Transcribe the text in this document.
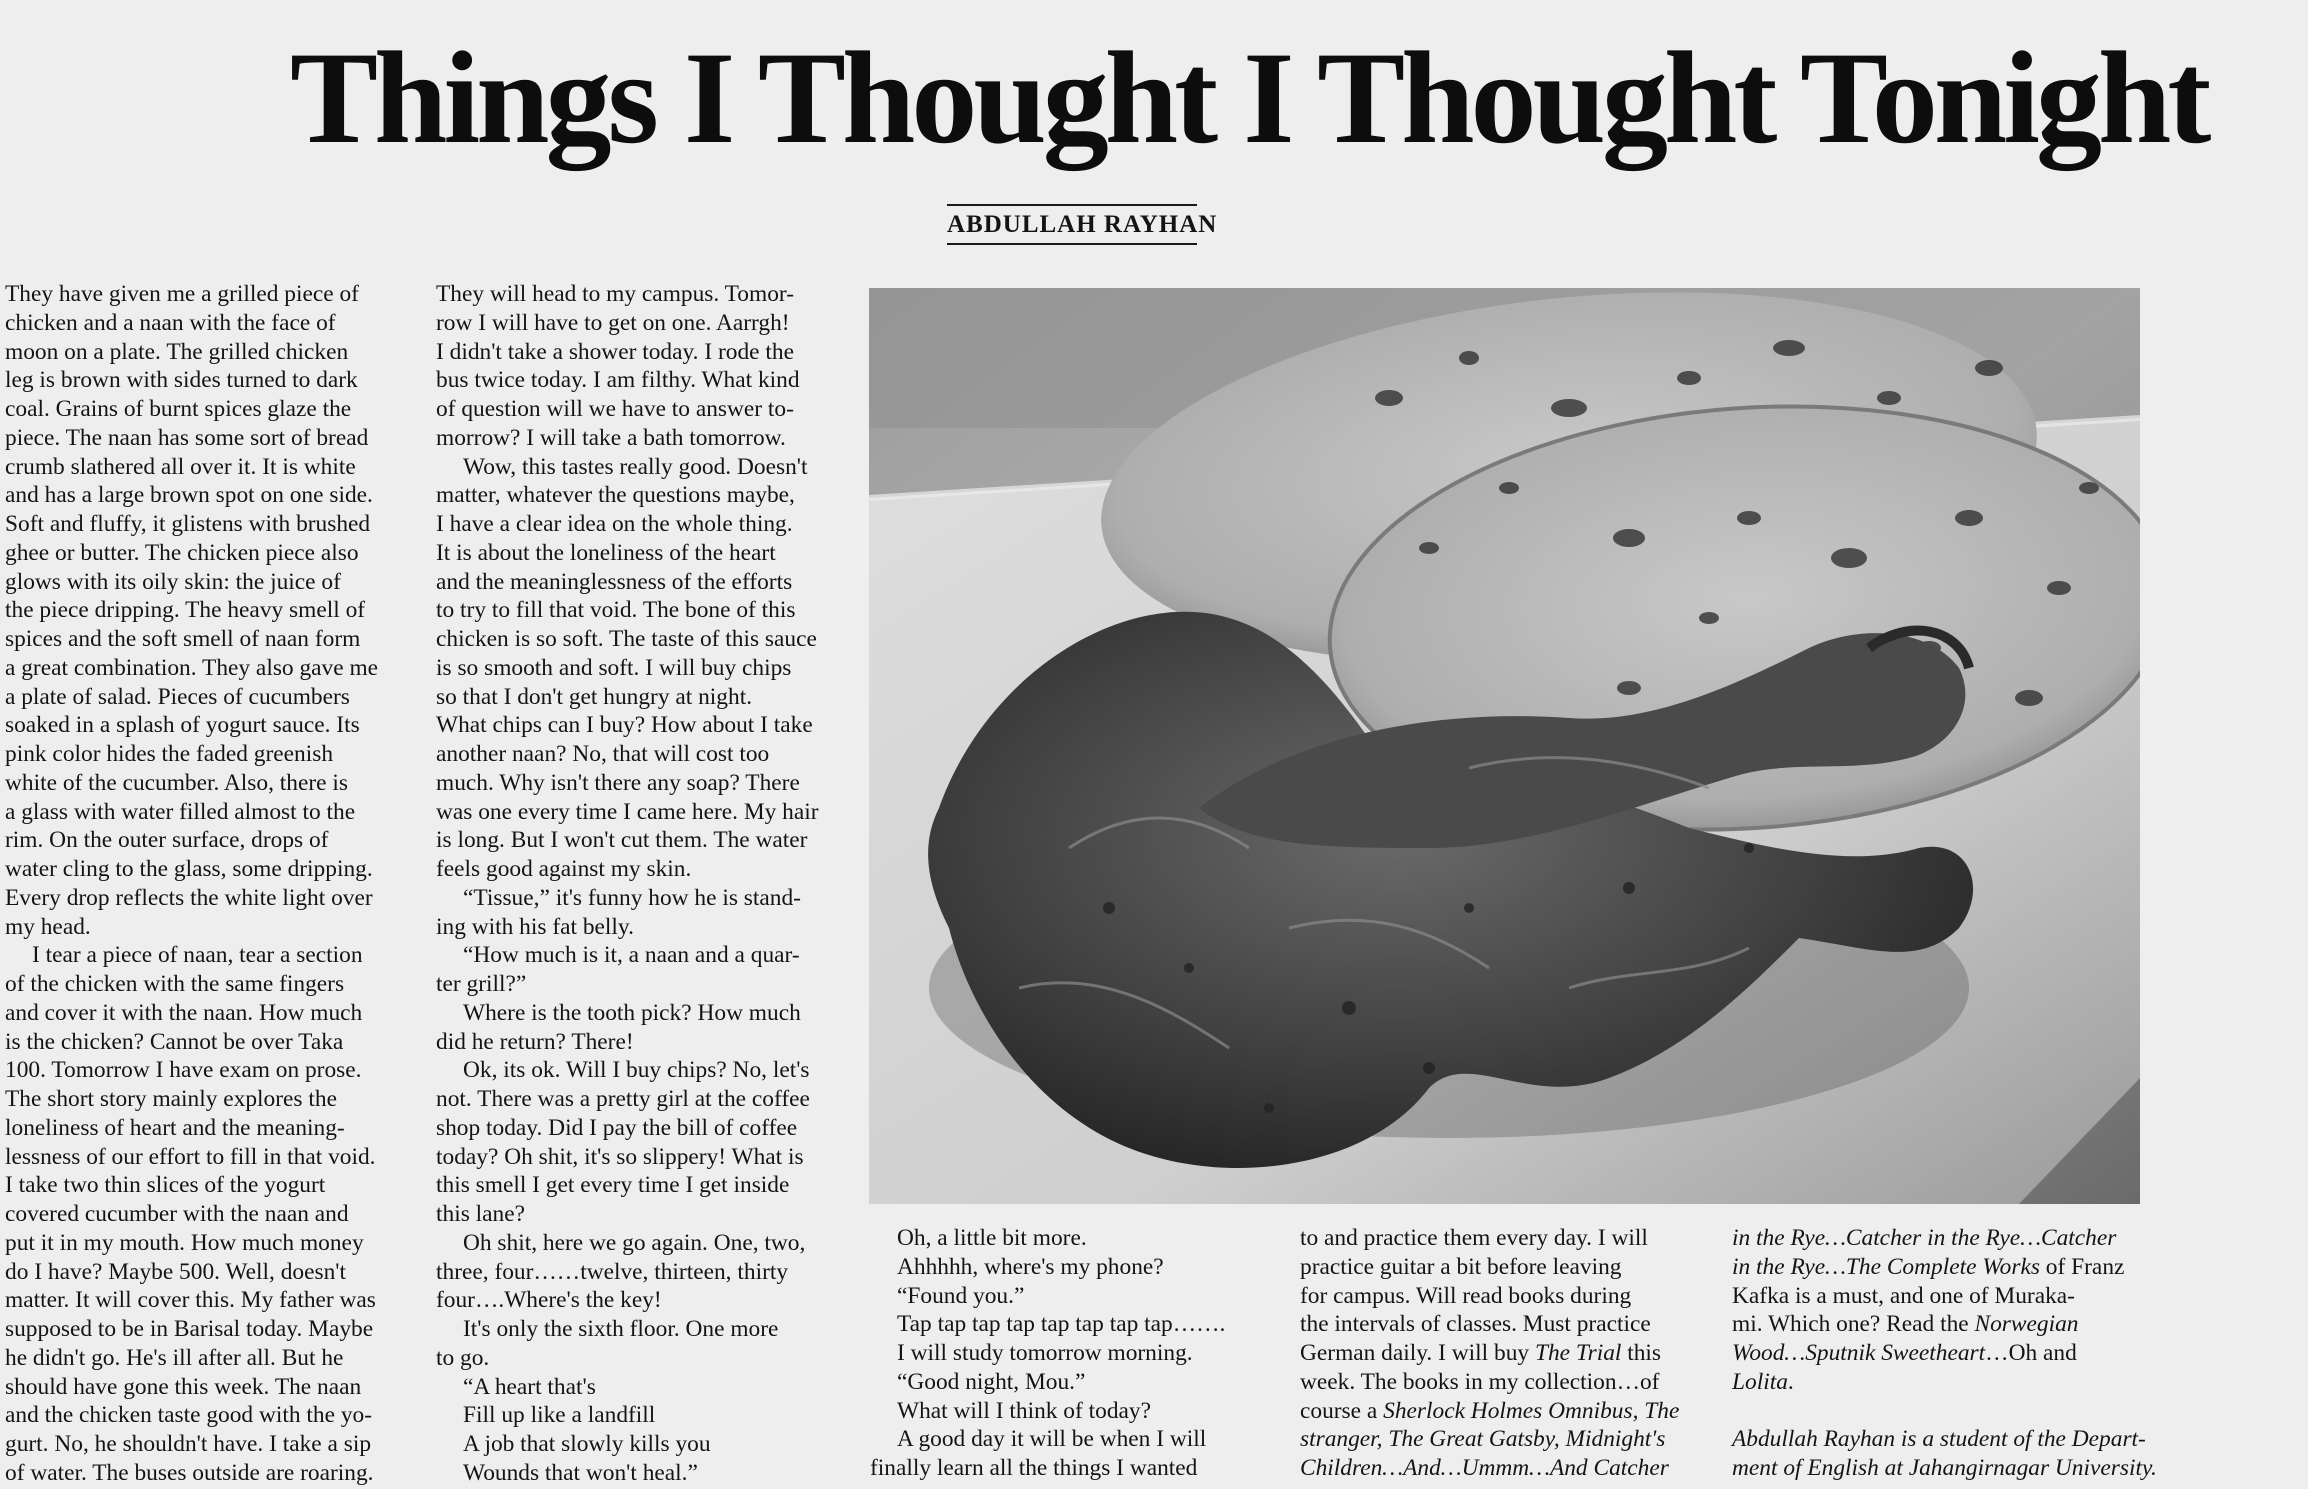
Things I Thought I Thought Tonight
ABDULLAH RAYHAN

They have given me a grilled piece of

chicken and a naan with the face of

moon on a plate. The grilled chicken

leg is brown with sides turned to dark

coal. Grains of burnt spices glaze the

piece. The naan has some sort of bread

crumb slathered all over it. It is white

and has a large brown spot on one side.

Soft and fluffy, it glistens with brushed

ghee or butter. The chicken piece also

glows with its oily skin: the juice of

the piece dripping. The heavy smell of

spices and the soft smell of naan form

a great combination. They also gave me

a plate of salad. Pieces of cucumbers

soaked in a splash of yogurt sauce. Its

pink color hides the faded greenish

white of the cucumber. Also, there is

a glass with water filled almost to the

rim. On the outer surface, drops of

water cling to the glass, some dripping.

Every drop reflects the white light over

my head.

I tear a piece of naan, tear a section

of the chicken with the same fingers

and cover it with the naan. How much

is the chicken? Cannot be over Taka

100. Tomorrow I have exam on prose.

The short story mainly explores the

loneliness of heart and the meaning-

lessness of our effort to fill in that void.

I take two thin slices of the yogurt

covered cucumber with the naan and

put it in my mouth. How much money

do I have? Maybe 500. Well, doesn't

matter. It will cover this. My father was

supposed to be in Barisal today. Maybe

he didn't go. He's ill after all. But he

should have gone this week. The naan

and the chicken taste good with the yo-

gurt. No, he shouldn't have. I take a sip

of water. The buses outside are roaring.

They will head to my campus. Tomor-

row I will have to get on one. Aarrgh!

I didn't take a shower today. I rode the

bus twice today. I am filthy. What kind

of question will we have to answer to-

morrow? I will take a bath tomorrow.

Wow, this tastes really good. Doesn't

matter, whatever the questions maybe,

I have a clear idea on the whole thing.

It is about the loneliness of the heart

and the meaninglessness of the efforts

to try to fill that void. The bone of this

chicken is so soft. The taste of this sauce

is so smooth and soft. I will buy chips

so that I don't get hungry at night.

What chips can I buy? How about I take

another naan? No, that will cost too

much. Why isn't there any soap? There

was one every time I came here. My hair

is long. But I won't cut them. The water

feels good against my skin.

“Tissue,” it's funny how he is stand-

ing with his fat belly.

“How much is it, a naan and a quar-

ter grill?”

Where is the tooth pick? How much

did he return? There!

Ok, its ok. Will I buy chips? No, let's

not. There was a pretty girl at the coffee

shop today. Did I pay the bill of coffee

today? Oh shit, it's so slippery! What is

this smell I get every time I get inside

this lane?

Oh shit, here we go again. One, two,

three, four……twelve, thirteen, thirty

four….Where's the key!

It's only the sixth floor. One more

to go.

“A heart that's

Fill up like a landfill

A job that slowly kills you

Wounds that won't heal.”

Oh, a little bit more.

Ahhhhh, where's my phone?

“Found you.”

Tap tap tap tap tap tap tap tap…….

I will study tomorrow morning.

“Good night, Mou.”

What will I think of today?

A good day it will be when I will

finally learn all the things I wanted

to and practice them every day. I will

practice guitar a bit before leaving

for campus. Will read books during

the intervals of classes. Must practice

German daily. I will buy The Trial this

week. The books in my collection…of

course a Sherlock Holmes Omnibus, The

stranger, The Great Gatsby, Midnight's

Children…And…Ummm…And Catcher

in the Rye…Catcher in the Rye…Catcher

in the Rye…The Complete Works of Franz

Kafka is a must, and one of Muraka-

mi. Which one? Read the Norwegian

Wood…Sputnik Sweetheart…Oh and

Lolita.

Abdullah Rayhan is a student of the Depart-

ment of English at Jahangirnagar University.
